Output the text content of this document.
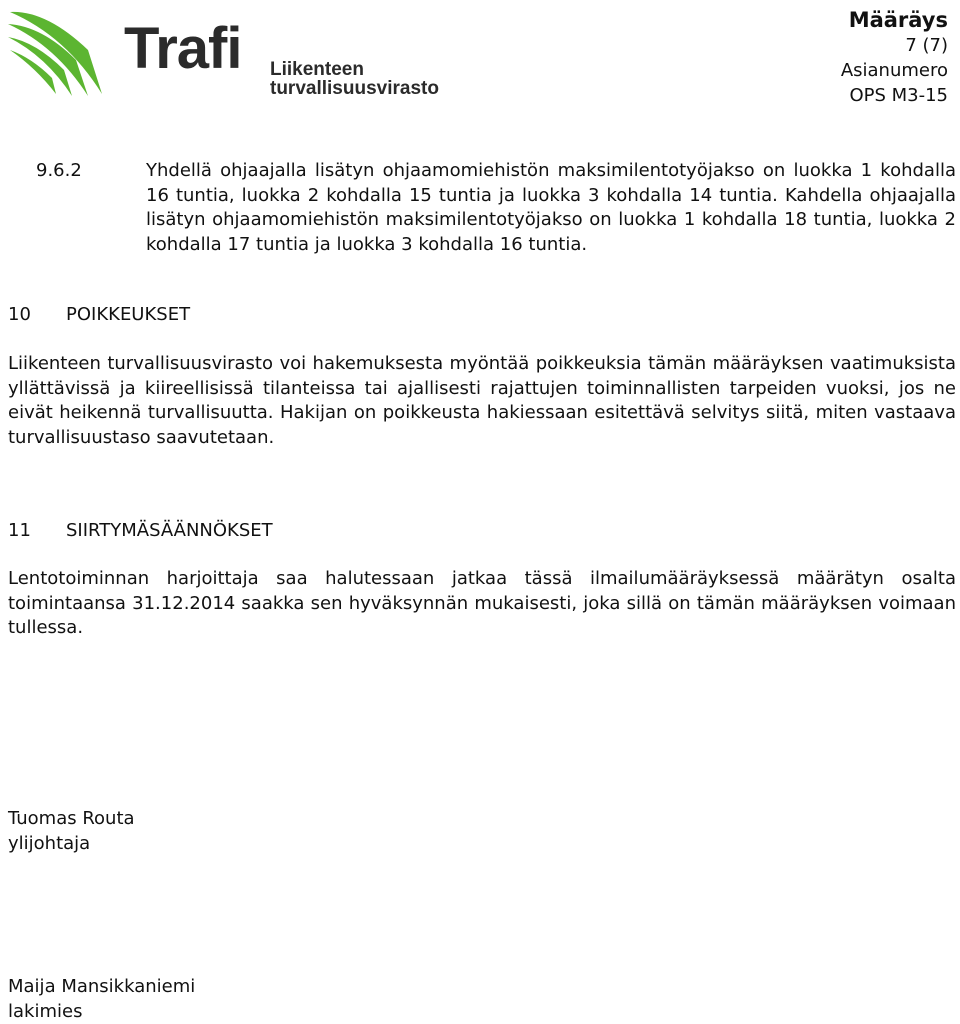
Trafi Liikenteen turvallisuusvirasto
Määräys
7 (7)
Asianumero
OPS M3-15
9.6.2	Yhdellä ohjaajalla lisätyn ohjaamomiehistön maksimilentotyöjakso on luokka 1 kohdalla 16 tuntia, luokka 2 kohdalla 15 tuntia ja luokka 3 kohdalla 14 tuntia. Kahdella ohjaajalla lisätyn ohjaamomiehistön maksimilentotyöjakso on luokka 1 kohdalla 18 tuntia, luokka 2 kohdalla 17 tuntia ja luokka 3 kohdalla 16 tuntia.
10 POIKKEUKSET
Liikenteen turvallisuusvirasto voi hakemuksesta myöntää poikkeuksia tämän määräyksen vaatimuksista yllättävissä ja kiireellisissä tilanteissa tai ajallisesti rajattujen toiminnallisten tarpeiden vuoksi, jos ne eivät heikennä turvallisuutta. Hakijan on poikkeusta hakiessaan esitettävä selvitys siitä, miten vastaava turvallisuustaso saavutetaan.
11 SIIRTYMÄSÄÄNNÖKSET
Lentotoiminnan harjoittaja saa halutessaan jatkaa tässä ilmailumääräyksessä määrätyn osalta toimintaansa 31.12.2014 saakka sen hyväksynnän mukaisesti, joka sillä on tämän määräyksen voimaan tullessa.
Tuomas Routa
ylijohtaja
Maija Mansikkaniemi
lakimies
